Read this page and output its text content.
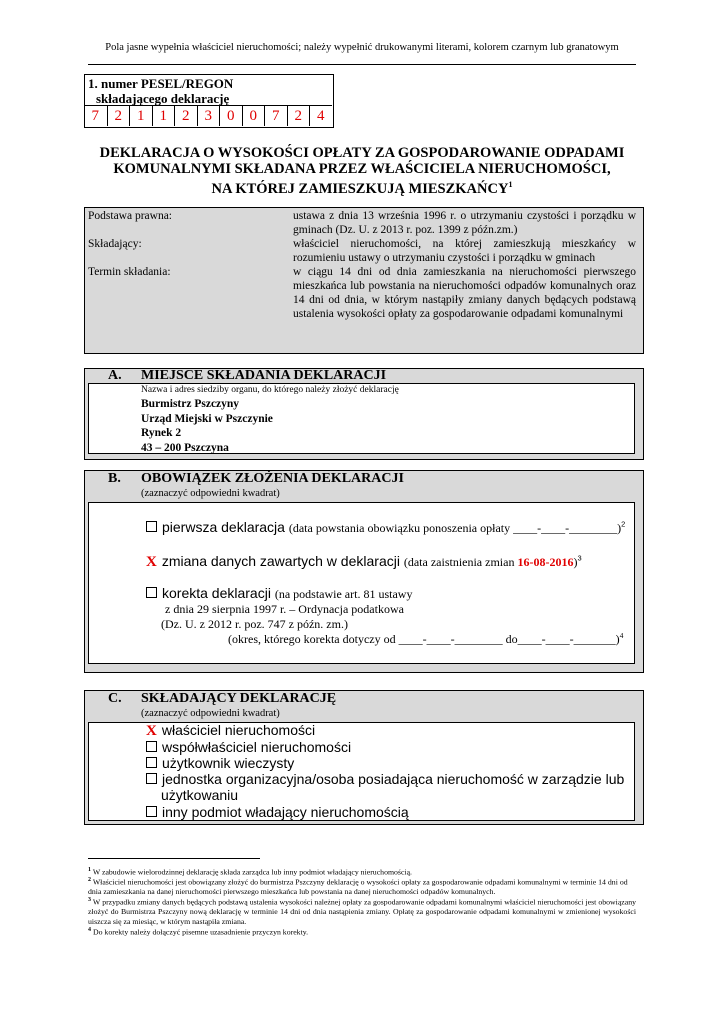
Pola jasne wypełnia właściciel nieruchomości; należy wypełnić drukowanymi literami, kolorem czarnym lub granatowym
1. numer PESEL/REGON
składającego deklarację
7	2	1	1	2	3	0	0	7	2	4
DEKLARACJA O WYSOKOŚCI OPŁATY ZA GOSPODAROWANIE ODPADAMI
KOMUNALNYMI SKŁADANA PRZEZ WŁAŚCICIELA NIERUCHOMOŚCI,
NA KTÓREJ ZAMIESZKUJĄ MIESZKAŃCY$^1$
Podstawa prawna:	ustawa z dnia 13 września 1996 r. o utrzymaniu czystości i porządku w gminach (Dz. U. z 2013 r. poz. 1399 z późn.zm.)
Składający:	właściciel nieruchomości, na której zamieszkują mieszkańcy w rozumieniu ustawy o utrzymaniu czystości i porządku w gminach
Termin składania:	w ciągu 14 dni od dnia zamieszkania na nieruchomości pierwszego mieszkańca lub powstania na nieruchomości odpadów komunalnych oraz 14 dni od dnia, w którym nastąpiły zmiany danych będących podstawą ustalenia wysokości opłaty za gospodarowanie odpadami komunalnymi
A. MIEJSCE SKŁADANIA DEKLARACJI
Nazwa i adres siedziby organu, do którego należy złożyć deklarację
Burmistrz Pszczyny
Urząd Miejski w Pszczynie
Rynek 2
43 – 200 Pszczyna
B. OBOWIĄZEK ZŁOŻENIA DEKLARACJI
(zaznaczyć odpowiedni kwadrat)
pierwsza deklaracja (data powstania obowiązku ponoszenia opłaty ____-____-________)$^2$
X zmiana danych zawartych w deklaracji (data zaistnienia zmian 16-08-2016)$^3$
korekta deklaracji (na podstawie art. 81 ustawy
z dnia 29 sierpnia 1997 r. – Ordynacja podatkowa
(Dz. U. z 2012 r. poz. 747 z późn. zm.)
(okres, którego korekta dotyczy od ____-____-________ do____-____-_______)$^4$
C. SKŁADAJĄCY DEKLARACJĘ
(zaznaczyć odpowiedni kwadrat)
X właściciel nieruchomości
współwłaściciel nieruchomości
użytkownik wieczysty
jednostka organizacyjna/osoba posiadająca nieruchomość w zarządzie lub
użytkowaniu
inny podmiot władający nieruchomością
$^1$ W zabudowie wielorodzinnej deklarację składa zarządca lub inny podmiot władający nieruchomością.
$^2$ Właściciel nieruchomości jest obowiązany złożyć do burmistrza Pszczyny deklarację o wysokości opłaty za gospodarowanie odpadami komunalnymi w terminie 14 dni od dnia zamieszkania na danej nieruchomości pierwszego mieszkańca lub powstania na danej nieruchomości odpadów komunalnych.
$^3$ W przypadku zmiany danych będących podstawą ustalenia wysokości należnej opłaty za gospodarowanie odpadami komunalnymi właściciel nieruchomości jest obowiązany złożyć do Burmistrza Pszczyny nową deklarację w terminie 14 dni od dnia nastąpienia zmiany. Opłatę za gospodarowanie odpadami komunalnymi w zmienionej wysokości uiszcza się za miesiąc, w którym nastąpiła zmiana.
$^4$ Do korekty należy dołączyć pisemne uzasadnienie przyczyn korekty.
